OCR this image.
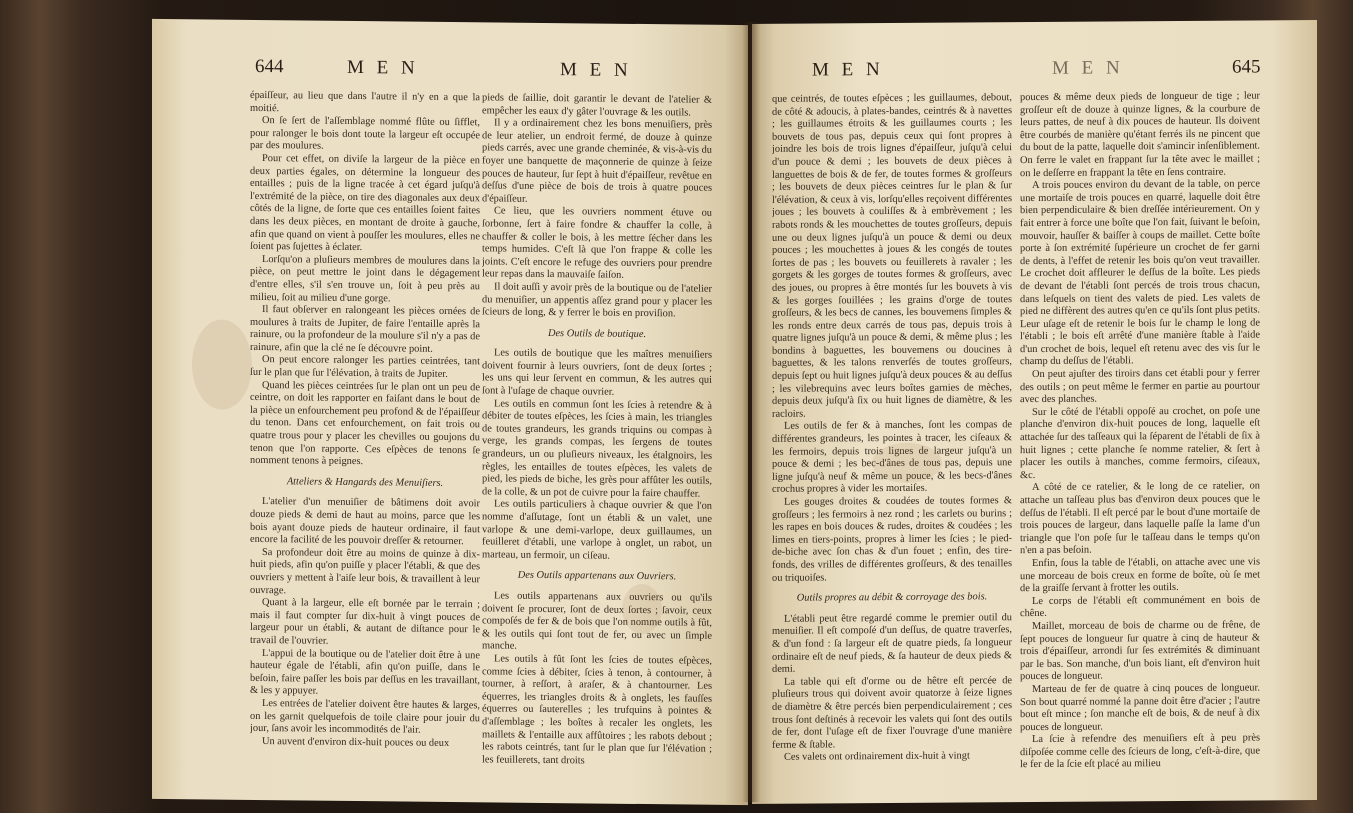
644	M E N	M E N

épaiſſeur, au lieu que dans l'autre il n'y en a que la moitié.

On ſe ſert de l'aſſemblage nommé flûte ou ſifflet, pour ralonger le bois dont toute la largeur eſt occupée par des moulures.

Pour cet effet, on diviſe la largeur de la pièce en deux parties égales, on détermine la longueur des entailles ; puis de la ligne tracée à cet égard juſqu'à l'extrémité de la pièce, on tire des diagonales aux deux côtés de la ligne, de ſorte que ces entailles ſoient faites dans les deux pièces, en montant de droite à gauche, afin que quand on vient à pouſſer les moulures, elles ne ſoient pas ſujettes à éclater.

Lorſqu'on a pluſieurs membres de moulures dans la pièce, on peut mettre le joint dans le dégagement d'entre elles, s'il s'en trouve un, ſoit à peu près au milieu, ſoit au milieu d'une gorge.

Il faut obſerver en ralongeant les pièces ornées de moulures à traits de Jupiter, de faire l'entaille après la rainure, ou la profondeur de la moulure s'il n'y a pas de rainure, afin que la clé ne ſe découvre point.

On peut encore ralonger les parties ceintrées, tant ſur le plan que ſur l'élévation, à traits de Jupiter.

Quand les pièces ceintrées ſur le plan ont un peu de ceintre, on doit les rapporter en faiſant dans le bout de la pièce un enfourchement peu profond & de l'épaiſſeur du tenon. Dans cet enfourchement, on fait trois ou quatre trous pour y placer les chevilles ou goujons du tenon que l'on rapporte. Ces eſpèces de tenons ſe nomment tenons à peignes.

Atteliers & Hangards des Menuiſiers.

L'atelier d'un menuiſier de bâtimens doit avoir douze pieds & demi de haut au moins, parce que les bois ayant douze pieds de hauteur ordinaire, il faut encore la facilité de les pouvoir dreſſer & retourner.

Sa profondeur doit être au moins de quinze à dix-huit pieds, afin qu'on puiſſe y placer l'établi, & que des ouvriers y mettent à l'aiſe leur bois, & travaillent à leur ouvrage.

Quant à la largeur, elle eſt bornée par le terrain ; mais il faut compter ſur dix-huit à vingt pouces de largeur pour un établi, & autant de diſtance pour le travail de l'ouvrier.

L'appui de la boutique ou de l'atelier doit être à une hauteur égale de l'établi, afin qu'on puiſſe, dans le beſoin, faire paſſer les bois par deſſus en les travaillant, & les y appuyer.

Les entrées de l'atelier doivent être hautes & larges, on les garnit quelquefois de toile claire pour jouir du jour, ſans avoir les incommodités de l'air.

Un auvent d'environ dix-huit pouces ou deux

pieds de ſaillie, doit garantir le devant de l'atelier & empêcher les eaux d'y gâter l'ouvrage & les outils.

Il y a ordinairement chez les bons menuiſiers, près de leur atelier, un endroit fermé, de douze à quinze pieds carrés, avec une grande cheminée, & vis-à-vis du foyer une banquette de maçonnerie de quinze à ſeize pouces de hauteur, ſur ſept à huit d'épaiſſeur, revêtue en deſſus d'une pièce de bois de trois à quatre pouces d'épaiſſeur.

Ce lieu, que les ouvriers nomment étuve ou ſorbonne, ſert à faire fondre & chauffer la colle, à chauffer & coller le bois, à les mettre ſécher dans les temps humides. C'eſt là que l'on frappe & colle les joints. C'eſt encore le refuge des ouvriers pour prendre leur repas dans la mauvaiſe ſaiſon.

Il doit auſſi y avoir près de la boutique ou de l'atelier du menuiſier, un appentis aſſez grand pour y placer les ſcieurs de long, & y ferrer le bois en proviſion.

Des Outils de boutique.

Les outils de boutique que les maîtres menuiſiers doivent fournir à leurs ouvriers, ſont de deux ſortes ; les uns qui leur ſervent en commun, & les autres qui ſont à l'uſage de chaque ouvrier.

Les outils en commun ſont les ſcies à retendre & à débiter de toutes eſpèces, les ſcies à main, les triangles de toutes grandeurs, les grands triquins ou compas à verge, les grands compas, les ſergens de toutes grandeurs, un ou pluſieurs niveaux, les étalgnoirs, les règles, les entailles de toutes eſpèces, les valets de pied, les pieds de biche, les grès pour affûter les outils, de la colle, & un pot de cuivre pour la faire chauffer.

Les outils particuliers à chaque ouvrier & que l'on nomme d'aſſutage, ſont un établi & un valet, une varlope & une demi-varlope, deux guillaumes, un feuilleret d'établi, une varlope à onglet, un rabot, un marteau, un fermoir, un ciſeau.

Des Outils appartenans aux Ouvriers.

Les outils appartenans aux ouvriers ou qu'ils doivent ſe procurer, ſont de deux ſortes ; ſavoir, ceux compoſés de fer & de bois que l'on nomme outils à fût, & les outils qui ſont tout de fer, ou avec un ſimple manche.

Les outils à fût ſont les ſcies de toutes eſpèces, comme ſcies à débiter, ſcies à tenon, à contourner, à tourner, à reſſort, à araſer, & à chantourner. Les équerres, les triangles droits & à onglets, les fauſſes équerres ou ſauterelles ; les trufquins à pointes & d'aſſemblage ; les boîtes à recaler les onglets, les maillets & l'entaille aux affûtoires ; les rabots debout ; les rabots ceintrés, tant ſur le plan que ſur l'élévation ; les feuillerets, tant droits

M E N	M E N	645

que ceintrés, de toutes eſpèces ; les guillaumes, debout, de côté & adoucis, à plates-bandes, ceintrés & à navettes ; les guillaumes étroits & les guillaumes courts ; les bouvets de tous pas, depuis ceux qui ſont propres à joindre les bois de trois lignes d'épaiſſeur, juſqu'à celui d'un pouce & demi ; les bouvets de deux pièces à languettes de bois & de fer, de toutes formes & groſſeurs ; les bouvets de deux pièces ceintres ſur le plan & ſur l'élévation, & ceux à vis, lorſqu'elles reçoivent différentes joues ; les bouvets à couliſſes & à embrèvement ; les rabots ronds & les mouchettes de toutes groſſeurs, depuis une ou deux lignes juſqu'à un pouce & demi ou deux pouces ; les mouchettes à joues & les congés de toutes ſortes de pas ; les bouvets ou feuillerets à ravaler ; les gorgets & les gorges de toutes formes & groſſeurs, avec des joues, ou propres à être montés ſur les bouvets à vis & les gorges ſouillées ; les grains d'orge de toutes groſſeurs, & les becs de cannes, les bouvemens ſimples & les ronds entre deux carrés de tous pas, depuis trois à quatre lignes juſqu'à un pouce & demi, & même plus ; les bondins à baguettes, les bouvemens ou doucines à baguettes, & les talons renverſés de toutes groſſeurs, depuis ſept ou huit lignes juſqu'à deux pouces & au deſſus ; les vilebrequins avec leurs boîtes garnies de mèches, depuis deux juſqu'à ſix ou huit lignes de diamètre, & les racloirs.

Les outils de fer & à manches, ſont les compas de différentes grandeurs, les pointes à tracer, les ciſeaux & les fermoirs, depuis trois lignes de largeur juſqu'à un pouce & demi ; les bec-d'ânes de tous pas, depuis une ligne juſqu'à neuf & même un pouce, & les becs-d'ânes crochus propres à vider les mortaiſes.

Les gouges droites & coudées de toutes formes & groſſeurs ; les fermoirs à nez rond ; les carlets ou burins ; les rapes en bois douces & rudes, droites & coudées ; les limes en tiers-points, propres à limer les ſcies ; le pied-de-biche avec ſon chas & d'un fouet ; enfin, des tire-fonds, des vrilles de différentes groſſeurs, & des tenailles ou triquoiſes.

Outils propres au débit & corroyage des bois.

L'établi peut être regardé comme le premier outil du menuiſier. Il eſt compoſé d'un deſſus, de quatre traverſes, & d'un fond : ſa largeur eſt de quatre pieds, ſa longueur ordinaire eſt de neuf pieds, & ſa hauteur de deux pieds & demi.

La table qui eſt d'orme ou de hêtre eſt percée de pluſieurs trous qui doivent avoir quatorze à ſeize lignes de diamètre & être percés bien perpendiculairement ; ces trous ſont deſtinés à recevoir les valets qui ſont des outils de fer, dont l'uſage eſt de fixer l'ouvrage d'une manière ferme & ſtable.

Ces valets ont ordinairement dix-huit à vingt

pouces & même deux pieds de longueur de tige ; leur groſſeur eſt de douze à quinze lignes, & la courbure de leurs pattes, de neuf à dix pouces de hauteur. Ils doivent être courbés de manière qu'étant ferrés ils ne pincent que du bout de la patte, laquelle doit s'amincir inſenſiblement. On ferre le valet en frappant ſur la tête avec le maillet ; on le deſſerre en frappant la tête en ſens contraire.

A trois pouces environ du devant de la table, on perce une mortaiſe de trois pouces en quarré, laquelle doit être bien perpendiculaire & bien dreſſée intérieurement. On y fait entrer à force une boîte que l'on fait, ſuivant le beſoin, mouvoir, hauſſer & baiſſer à coups de maillet. Cette boîte porte à ſon extrémité ſupérieure un crochet de fer garni de dents, à l'effet de retenir les bois qu'on veut travailler. Le crochet doit affleurer le deſſus de la boîte. Les pieds de devant de l'établi ſont percés de trois trous chacun, dans leſquels on tient des valets de pied. Les valets de pied ne diffèrent des autres qu'en ce qu'ils ſont plus petits. Leur uſage eſt de retenir le bois ſur le champ le long de l'établi ; le bois eſt arrêté d'une manière ſtable à l'aide d'un crochet de bois, lequel eſt retenu avec des vis ſur le champ du deſſus de l'établi.

On peut ajuſter des tiroirs dans cet établi pour y ferrer des outils ; on peut même le fermer en partie au pourtour avec des planches.

Sur le côté de l'établi oppoſé au crochet, on poſe une planche d'environ dix-huit pouces de long, laquelle eſt attachée ſur des taſſeaux qui la ſéparent de l'établi de ſix à huit lignes ; cette planche ſe nomme ratelier, & ſert à placer les outils à manches, comme fermoirs, ciſeaux, &c.

A côté de ce ratelier, & le long de ce ratelier, on attache un taſſeau plus bas d'environ deux pouces que le deſſus de l'établi. Il eſt percé par le bout d'une mortaiſe de trois pouces de largeur, dans laquelle paſſe la lame d'un triangle que l'on poſe ſur le taſſeau dans le temps qu'on n'en a pas beſoin.

Enfin, ſous la table de l'établi, on attache avec une vis une morceau de bois creux en forme de boîte, où ſe met de la graiſſe ſervant à frotter les outils.

Le corps de l'établi eſt communément en bois de chêne.

Maillet, morceau de bois de charme ou de frêne, de ſept pouces de longueur ſur quatre à cinq de hauteur & trois d'épaiſſeur, arrondi ſur ſes extrémités & diminuant par le bas. Son manche, d'un bois liant, eſt d'environ huit pouces de longueur.

Marteau de fer de quatre à cinq pouces de longueur. Son bout quarré nommé la panne doit être d'acier ; l'autre bout eſt mince ; ſon manche eſt de bois, & de neuf à dix pouces de longueur.

La ſcie à refendre des menuiſiers eſt à peu près diſpoſée comme celle des ſcieurs de long, c'eſt-à-dire, que le fer de la ſcie eſt placé au milieu
